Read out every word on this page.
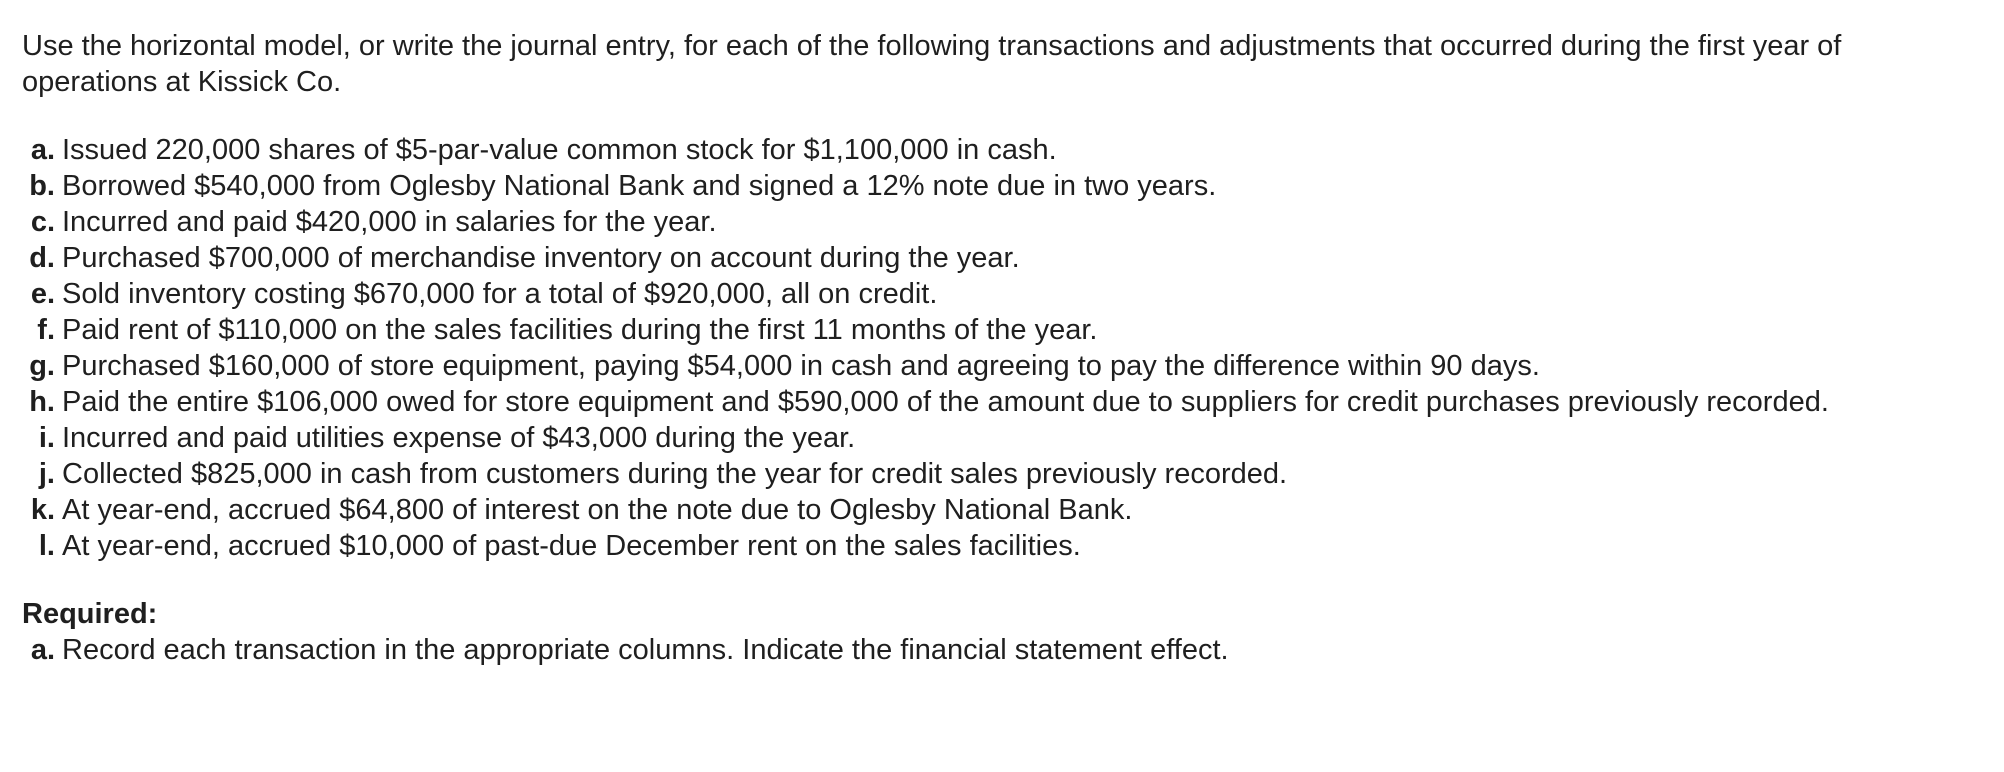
Use the horizontal model, or write the journal entry, for each of the following transactions and adjustments that occurred during the first year of operations at Kissick Co.

a. Issued 220,000 shares of $5-par-value common stock for $1,100,000 in cash.
b. Borrowed $540,000 from Oglesby National Bank and signed a 12% note due in two years.
c. Incurred and paid $420,000 in salaries for the year.
d. Purchased $700,000 of merchandise inventory on account during the year.
e. Sold inventory costing $670,000 for a total of $920,000, all on credit.
f. Paid rent of $110,000 on the sales facilities during the first 11 months of the year.
g. Purchased $160,000 of store equipment, paying $54,000 in cash and agreeing to pay the difference within 90 days.
h. Paid the entire $106,000 owed for store equipment and $590,000 of the amount due to suppliers for credit purchases previously recorded.
i. Incurred and paid utilities expense of $43,000 during the year.
j. Collected $825,000 in cash from customers during the year for credit sales previously recorded.
k. At year-end, accrued $64,800 of interest on the note due to Oglesby National Bank.
l. At year-end, accrued $10,000 of past-due December rent on the sales facilities.

Required:

a. Record each transaction in the appropriate columns. Indicate the financial statement effect.
